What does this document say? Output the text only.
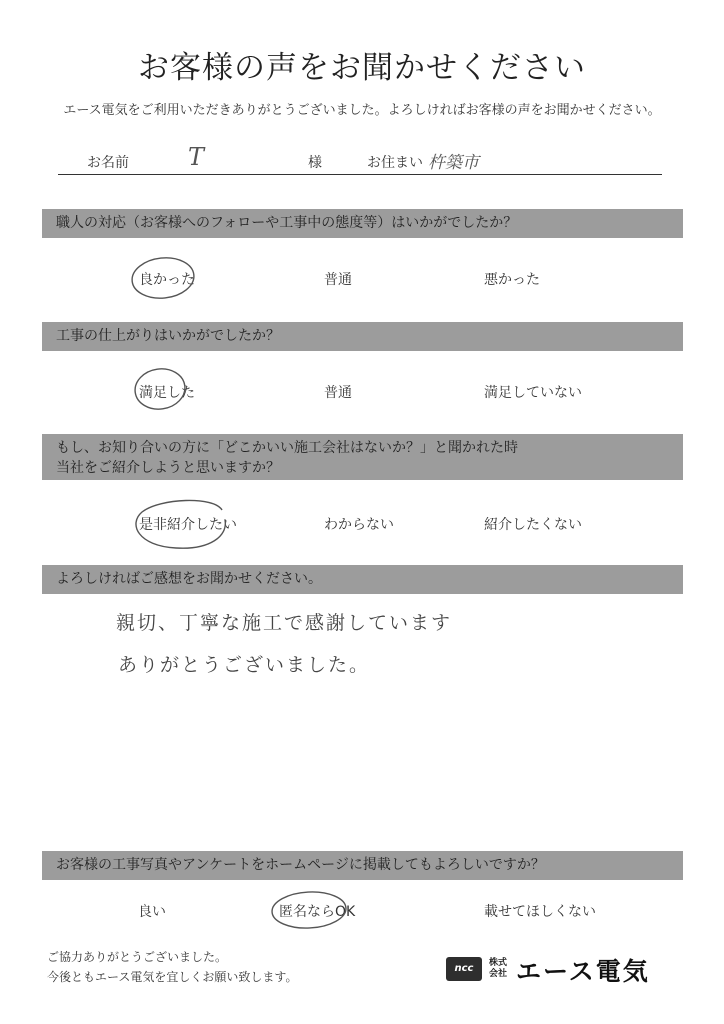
お客様の声をお聞かせください
エース電気をご利用いただきありがとうございました。よろしければお客様の声をお聞かせください。
お名前 T	様	お住まい 杵築市
職人の対応（お客様へのフォローや工事中の態度等）はいかがでしたか？
良かった	普通	悪かった
工事の仕上がりはいかがでしたか？
満足した	普通	満足していない
もし、お知り合いの方に「どこかいい施工会社はないか？」と聞かれた時
当社をご紹介しようと思いますか？
是非紹介したい	わからない	紹介したくない
よろしければご感想をお聞かせください。
親切、丁寧な施工で感謝しています
ありがとうございました。
お客様の工事写真やアンケートをホームページに掲載してもよろしいですか？
良い	匿名ならOK	載せてほしくない
ご協力ありがとうございました。
今後ともエース電気を宜しくお願い致します。
ncc	株式
会社 エース電気
